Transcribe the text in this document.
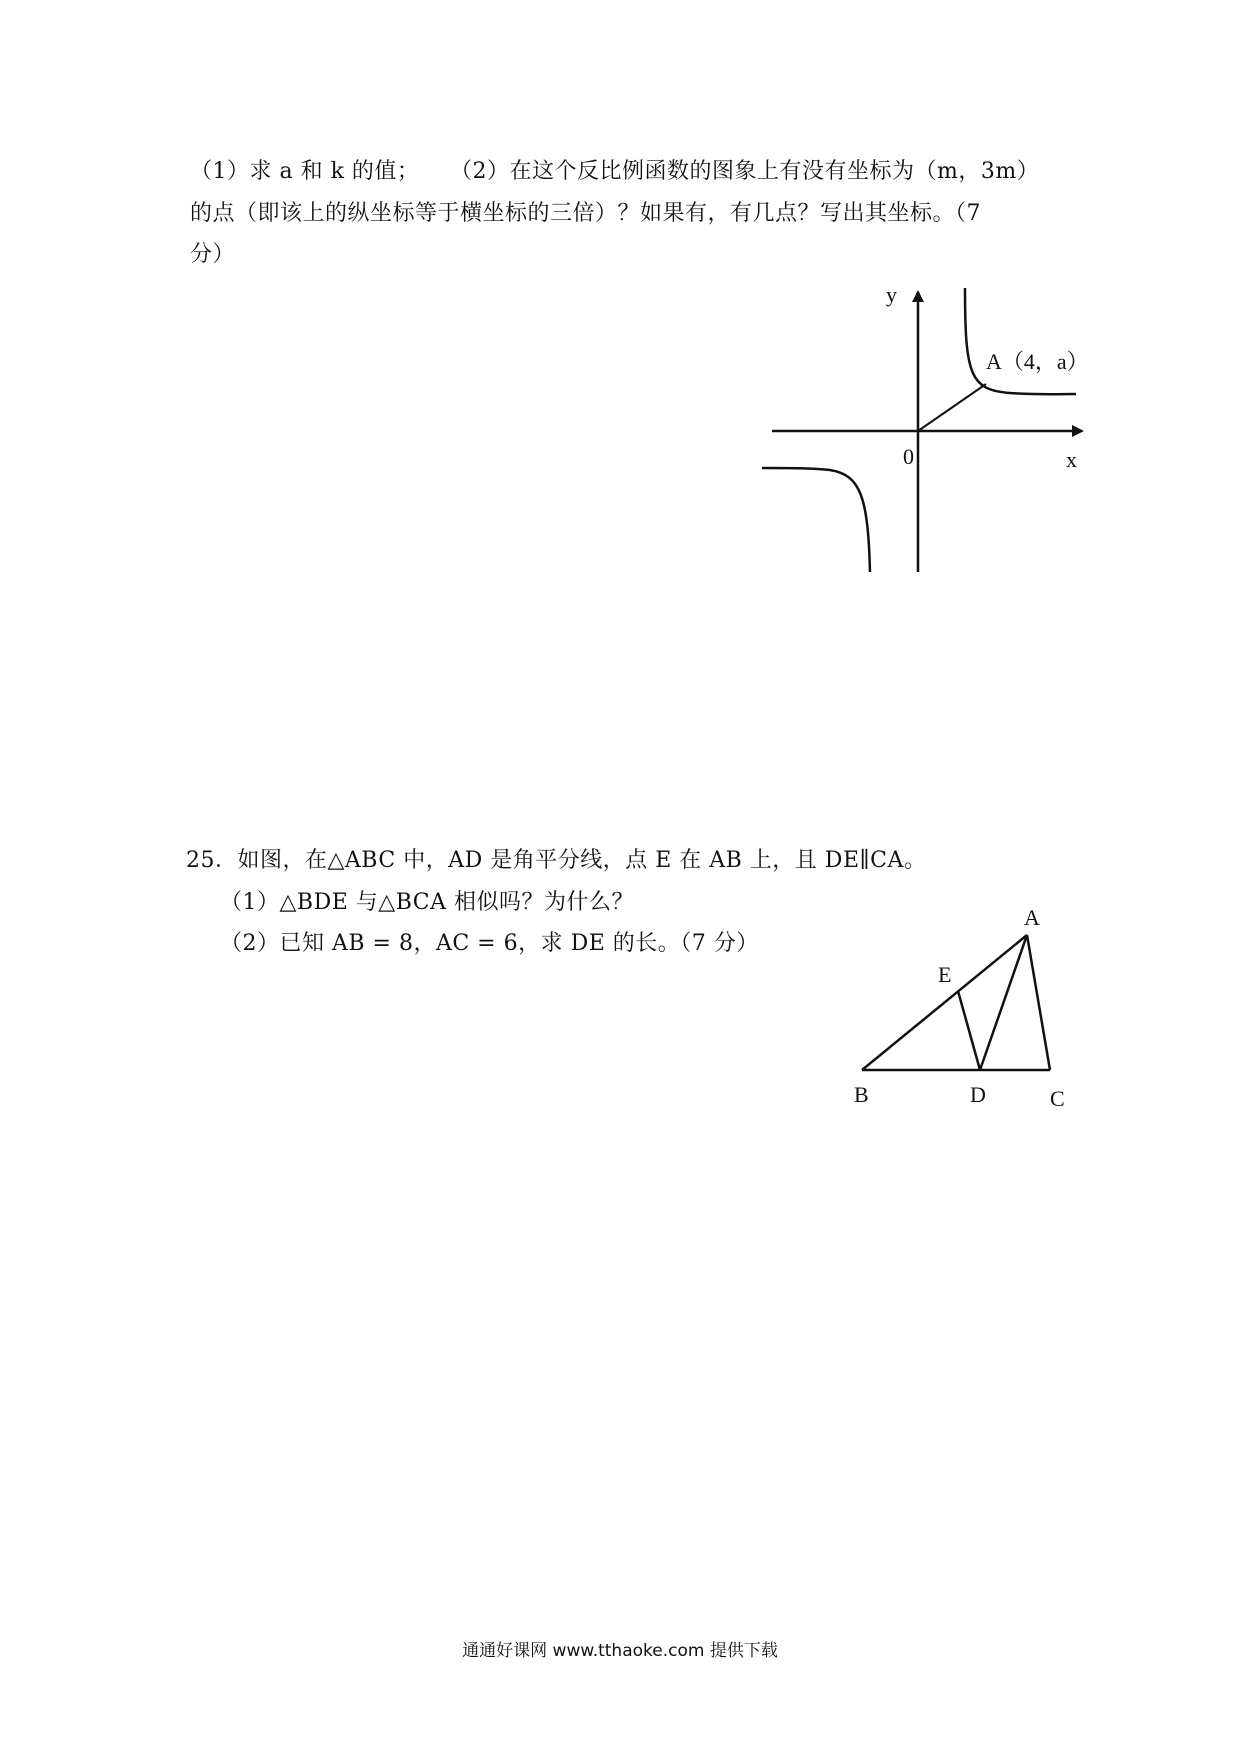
（1）求 a 和 k 的值； （2）在这个反比例函数的图象上有没有坐标为（m，3m）
的点（即该上的纵坐标等于横坐标的三倍）？如果有，有几点？写出其坐标。（7
分）
y
x
0
A（4，a）
25．如图，在△ABC 中，AD 是角平分线，点 E 在 AB 上，且 DE∥CA。
（1）△BDE 与△BCA 相似吗？为什么？
（2）已知 AB = 8，AC = 6，求 DE 的长。（7 分）
A
B	C
D
E
通通好课网 www.tthaoke.com 提供下载
